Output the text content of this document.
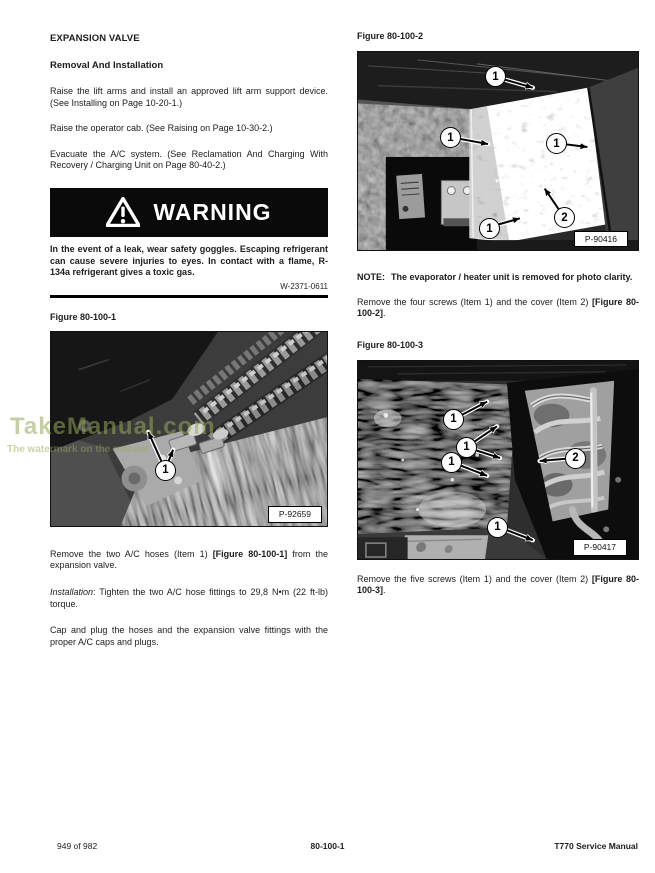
EXPANSION VALVE
Removal And Installation

Raise the lift arms and install an approved lift arm support device. (See Installing on Page 10-20-1.)

Raise the operator cab. (See Raising on Page 10-30-2.)

Evacuate the A/C system. (See Reclamation And Charging With Recovery / Charging Unit on Page 80-40-2.)

WARNING

In the event of a leak, wear safety goggles. Escaping refrigerant can cause severe injuries to eyes. In contact with a flame, R-134a refrigerant gives a toxic gas.

W-2371-0611
Figure 80-100-1
1
P-92659

Remove the two A/C hoses (Item 1) [Figure 80-100-1] from the expansion valve.

Installation: Tighten the two A/C hose fittings to 29,8 N•m (22 ft-lb) torque.

Cap and plug the hoses and the expansion valve fittings with the proper A/C caps and plugs.

Figure 80-100-2
1
1	1
1
2
P-90416
NOTE: The evaporator / heater unit is removed for photo clarity.

Remove the four screws (Item 1) and the cover (Item 2) [Figure 80-100-2].

Figure 80-100-3
1
1
1
1
2
P-90417

Remove the five screws (Item 1) and the cover (Item 2) [Figure 80-100-3].

TakeManual.com
The watermark on the manual
949 of 982	80-100-1	T770 Service Manual
